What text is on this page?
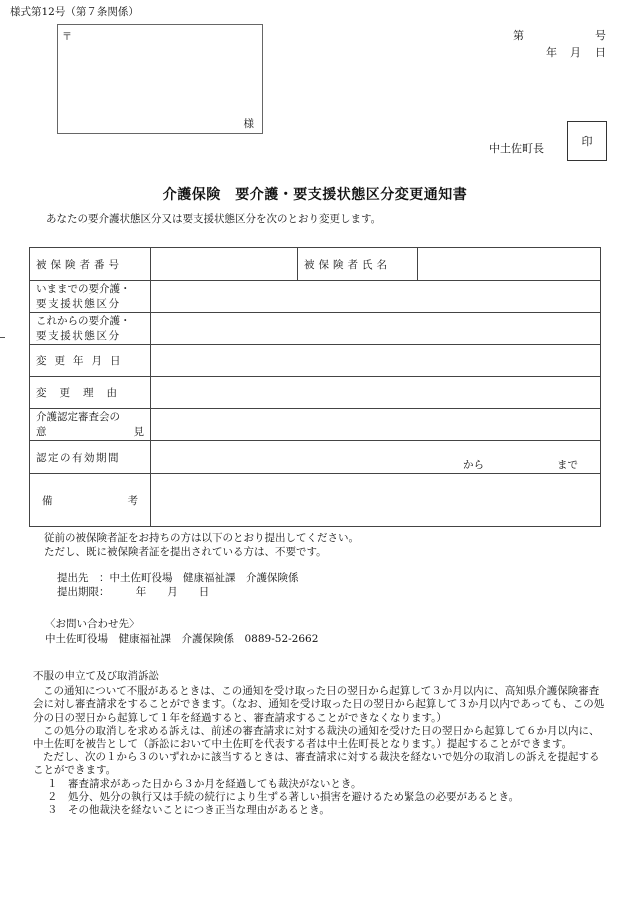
様式第12号（第７条関係）
〒
様
第	号
年 月 日
中土佐町長
印
介護保険　要介護・要支援状態区分変更通知書
あなたの要介護状態区分又は要支援状態区分を次のとおり変更します。
被保険者番号		被保険者氏名	

いままでの要介護・
要支援状態区分			

これからの要介護・
要支援状態区分			

変更年月日			
変更理由			

介護認定審査会の
意 見			

認定の有効期間	から まで		

備 考			

従前の被保険者証をお持ちの方は以下のとおり提出してください。
ただし、既に被保険者証を提出されている方は、不要です。
提出先　：中土佐町役場　健康福祉課　介護保険係
提出期限：　　　年　　月　　日
〈お問い合わせ先〉
中土佐町役場　健康福祉課　介護保険係　0889-52-2662

不服の申立て及び取消訴訟

この通知について不服があるときは、この通知を受け取った日の翌日から起算して３か月以内に、高知県介護保険審査会に対し審査請求をすることができます。（なお、通知を受け取った日の翌日から起算して３か月以内であっても、この処分の日の翌日から起算して１年を経過すると、審査請求することができなくなります。）

この処分の取消しを求める訴えは、前述の審査請求に対する裁決の通知を受けた日の翌日から起算して６か月以内に、中土佐町を被告として（訴訟において中土佐町を代表する者は中土佐町長となります。）提起することができます。

ただし、次の１から３のいずれかに該当するときは、審査請求に対する裁決を経ないで処分の取消しの訴えを提起することができます。

１　審査請求があった日から３か月を経過しても裁決がないとき。

２　処分、処分の執行又は手続の続行により生ずる著しい損害を避けるため緊急の必要があるとき。

３　その他裁決を経ないことにつき正当な理由があるとき。
